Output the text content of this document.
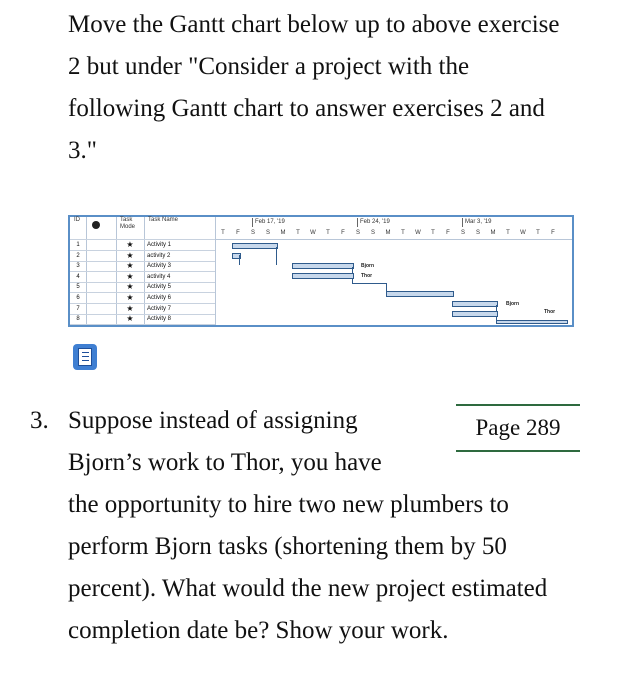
Move the Gantt chart below up to above exercise 2 but under "Consider a project with the following Gantt chart to answer exercises 2 and 3."

ID	Task Mode
Task Name
1	★	Activity 1
2	★	activity 2
3	★	Activity 3
4	★	activity 4
5	★	Activity 5
6	★	Activity 6
7	★	Activity 7
8	★	Activity 8
Feb 17, '19	Feb 24, '19	Mar 3, '19
T	F	S	S	M	T	W	T	F	S	S	M	T	W	T	F	S	S	M	T	W	T	F
Bjorn
Thor
Bjorn
Thor
3. Suppose instead of assigning

Bjorn’s work to Thor, you have

Page 289

the opportunity to hire two new plumbers to perform Bjorn tasks (shortening them by 50 percent). What would the new project estimated completion date be? Show your work.
